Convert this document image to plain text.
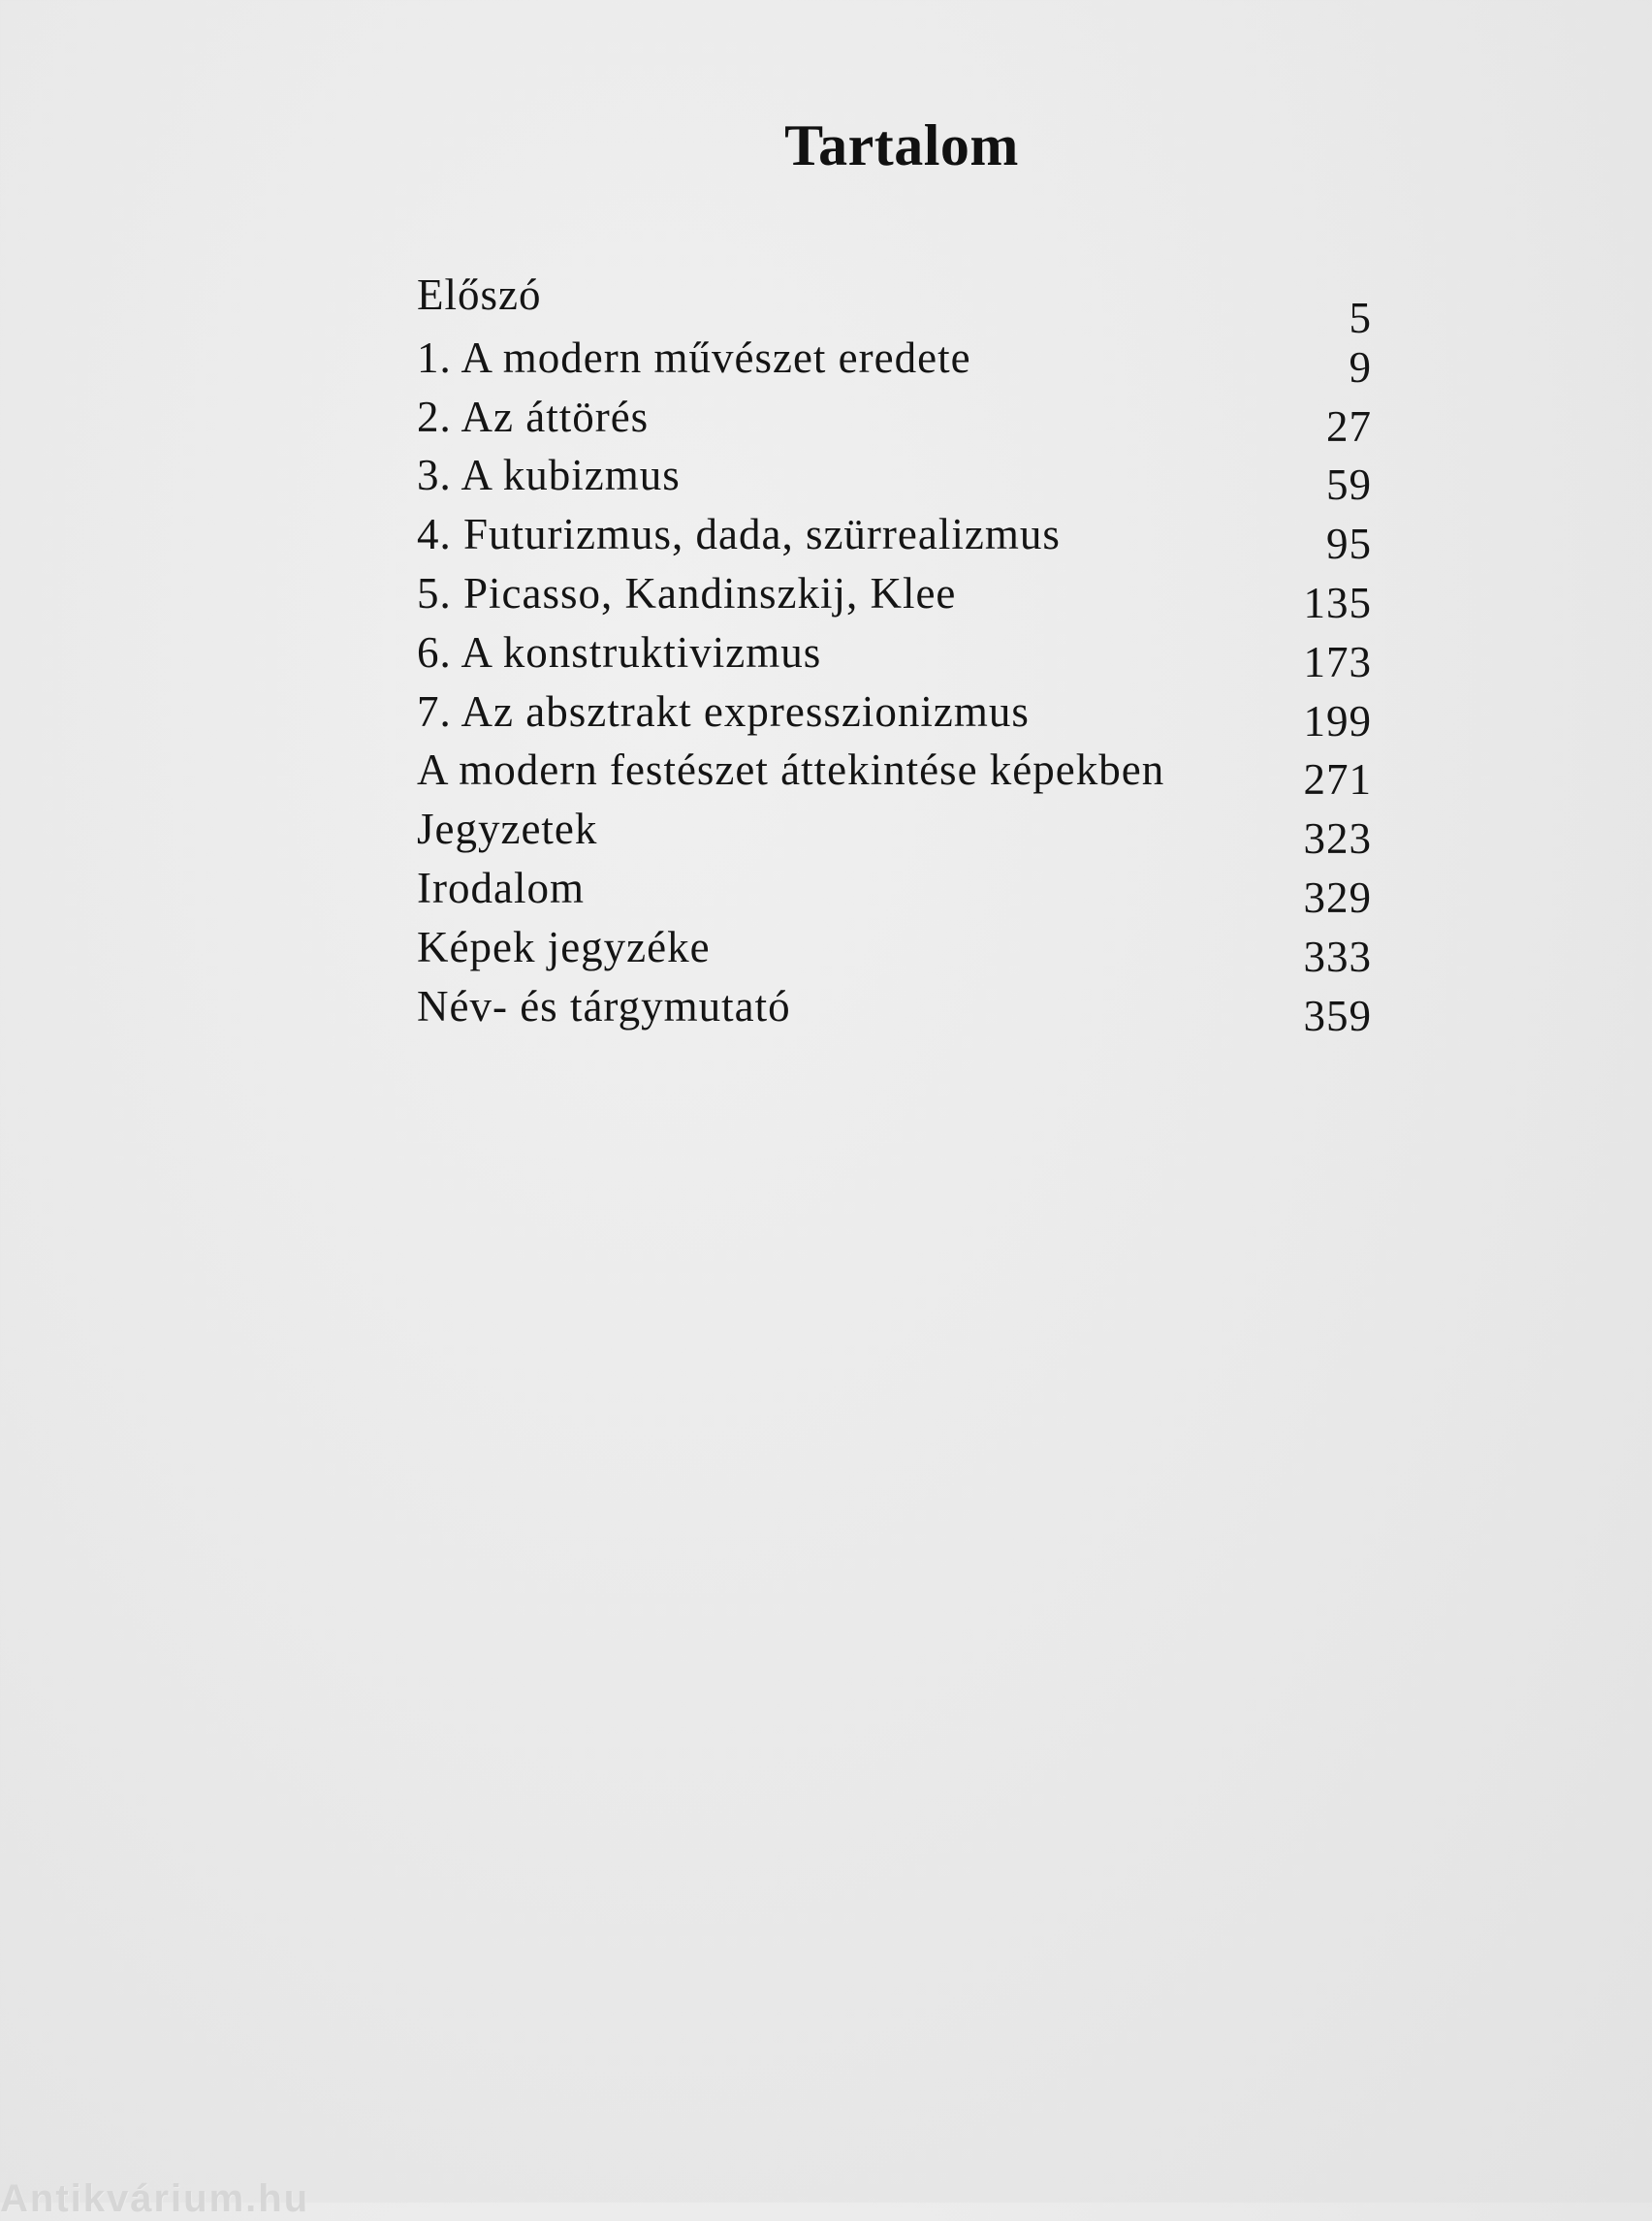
Tartalom
Előszó	5
1. A modern művészet eredete	9
2. Az áttörés	27
3. A kubizmus	59
4. Futurizmus, dada, szürrealizmus	95
5. Picasso, Kandinszkij, Klee	135
6. A konstruktivizmus	173
7. Az absztrakt expresszionizmus	199
A modern festészet áttekintése képekben	271
Jegyzetek	323
Irodalom	329
Képek jegyzéke	333
Név- és tárgymutató	359
Antikvárium.hu
